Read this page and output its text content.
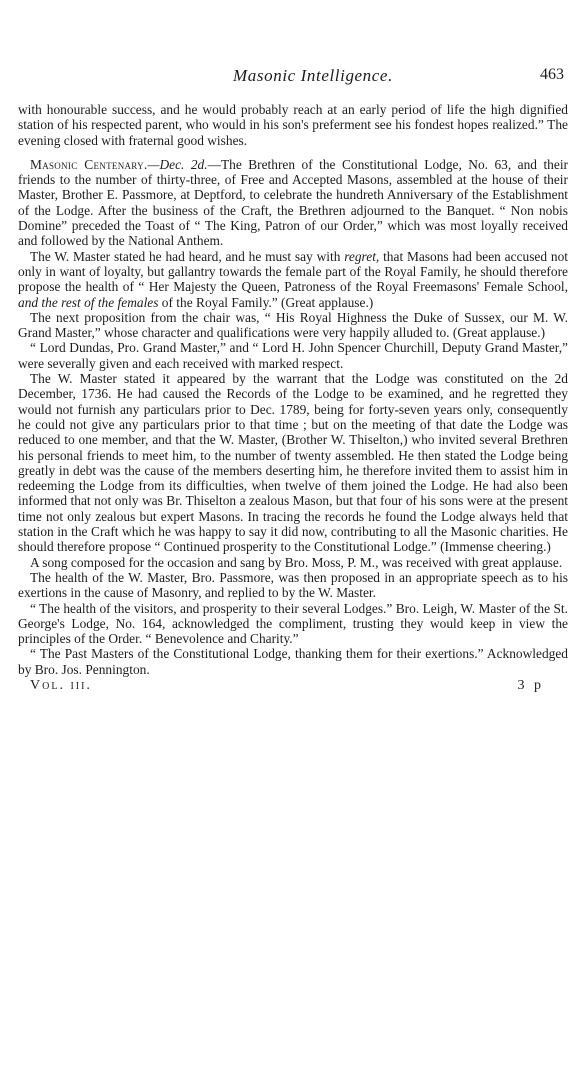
Masonic Intelligence.	463

with honourable success, and he would probably reach at an early period of life the high dignified station of his respected parent, who would in his son's preferment see his fondest hopes realized.” The evening closed with fraternal good wishes.

Masonic Centenary.—Dec. 2d.—The Brethren of the Constitutional Lodge, No. 63, and their friends to the number of thirty-three, of Free and Accepted Masons, assembled at the house of their Master, Brother E. Passmore, at Deptford, to celebrate the hundreth Anniversary of the Establishment of the Lodge. After the business of the Craft, the Brethren adjourned to the Banquet. “ Non nobis Domine” preceded the Toast of “ The King, Patron of our Order,” which was most loyally received and followed by the National Anthem.

The W. Master stated he had heard, and he must say with regret, that Masons had been accused not only in want of loyalty, but gallantry towards the female part of the Royal Family, he should therefore propose the health of “ Her Majesty the Queen, Patroness of the Royal Freemasons' Female School, and the rest of the females of the Royal Family.” (Great applause.)

The next proposition from the chair was, “ His Royal Highness the Duke of Sussex, our M. W. Grand Master,” whose character and qualifications were very happily alluded to. (Great applause.)

“ Lord Dundas, Pro. Grand Master,” and “ Lord H. John Spencer Churchill, Deputy Grand Master,” were severally given and each received with marked respect.

The W. Master stated it appeared by the warrant that the Lodge was constituted on the 2d December, 1736. He had caused the Records of the Lodge to be examined, and he regretted they would not furnish any particulars prior to Dec. 1789, being for forty-seven years only, consequently he could not give any particulars prior to that time ; but on the meeting of that date the Lodge was reduced to one member, and that the W. Master, (Brother W. Thiselton,) who invited several Brethren his personal friends to meet him, to the number of twenty assembled. He then stated the Lodge being greatly in debt was the cause of the members deserting him, he therefore invited them to assist him in redeeming the Lodge from its difficulties, when twelve of them joined the Lodge. He had also been informed that not only was Br. Thiselton a zealous Mason, but that four of his sons were at the present time not only zealous but expert Masons. In tracing the records he found the Lodge always held that station in the Craft which he was happy to say it did now, contributing to all the Masonic charities. He should therefore propose “ Continued prosperity to the Constitutional Lodge.” (Immense cheering.)

A song composed for the occasion and sang by Bro. Moss, P. M., was received with great applause.

The health of the W. Master, Bro. Passmore, was then proposed in an appropriate speech as to his exertions in the cause of Masonry, and replied to by the W. Master.

“ The health of the visitors, and prosperity to their several Lodges.” Bro. Leigh, W. Master of the St. George's Lodge, No. 164, acknowledged the compliment, trusting they would keep in view the principles of the Order. “ Benevolence and Charity.”

“ The Past Masters of the Constitutional Lodge, thanking them for their exertions.” Acknowledged by Bro. Jos. Pennington.

Vol. iii.	3 p
